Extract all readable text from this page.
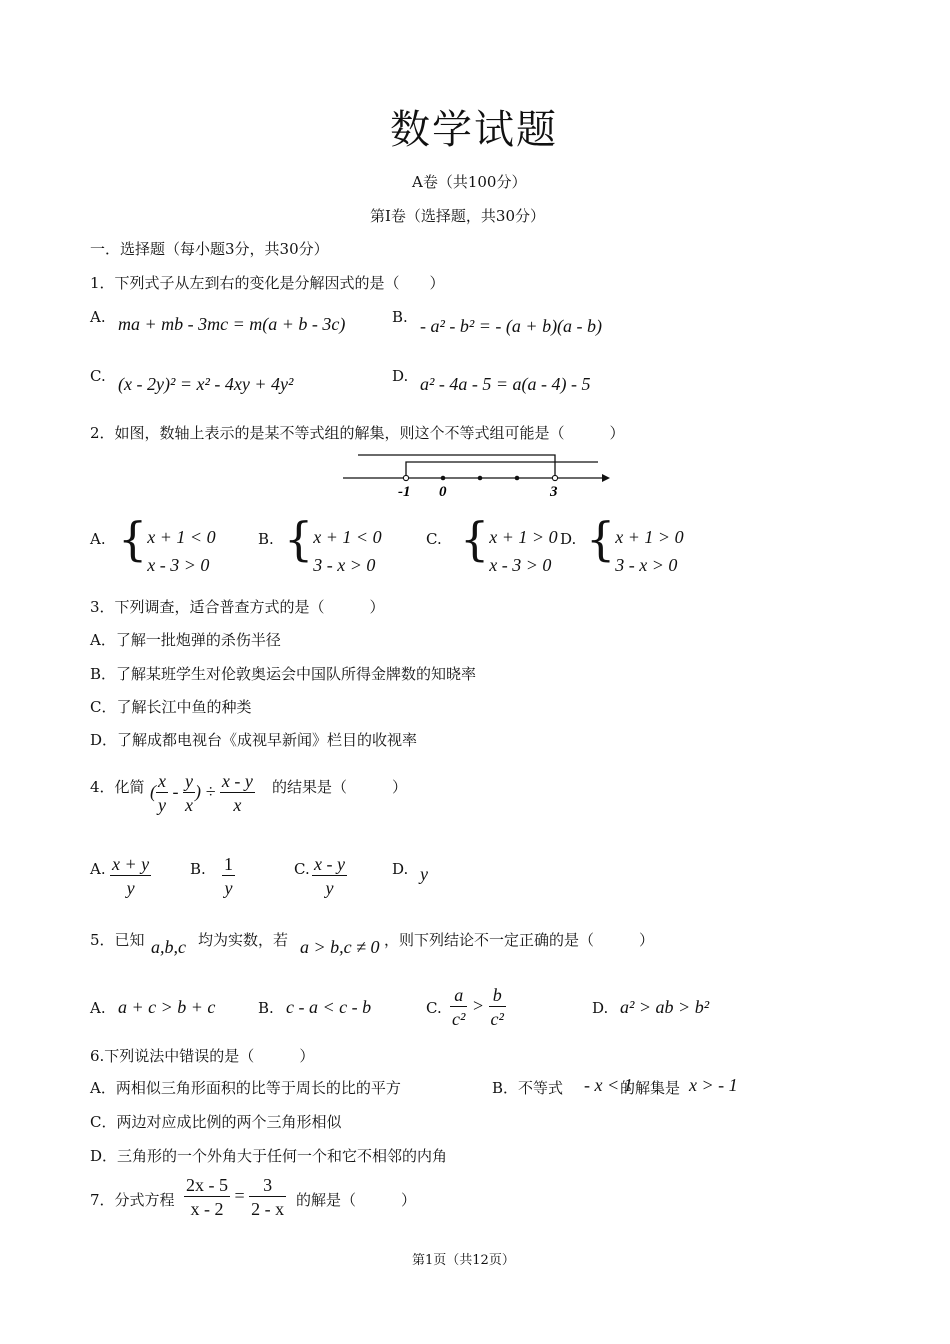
数学试题
A卷（共100分）
第Ⅰ卷（选择题，共30分）
一．选择题（每小题3分，共30分）
1．下列式子从左到右的变化是分解因式的是（　　）
A. ma + mb - 3mc = m(a + b - 3c)	B. - a² - b² = - (a + b)(a - b)
C. (x - 2y)² = x² - 4xy + 4y²	D. a² - 4a - 5 = a(a - 4) - 5
2．如图，数轴上表示的是某不等式组的解集，则这个不等式组可能是（　　　）
-1 0	3
A. { x + 1 < 0
x - 3 > 0
B. { x + 1 < 0
3 - x > 0
C. { x + 1 > 0
x - 3 > 0
D. { x + 1 > 0
3 - x > 0
3．下列调查，适合普查方式的是（　　　）
A．了解一批炮弹的杀伤半径
B．了解某班学生对伦敦奥运会中国队所得金牌数的知晓率
C．了解长江中鱼的种类
D．了解成都电视台《成视早新闻》栏目的收视率
4．化简 ( $\frac{x}{y} - \frac{y}{x}$ ) ÷ $\frac{x - y}{x}$ 的结果是（　　　）
A. $\frac{x + y}{y}$	B. $\frac{1}{y}$	C. $\frac{x - y}{y}$	D. y
5．已知 a,b,c 均为实数，若 a > b,c ≠ 0 ，则下列结论不一定正确的是（　　　）
A. a + c > b + c	B. c - a < c - b	C. $\frac{a}{\text{c²}} > \frac{b}{\text{c²}}$	D. a² > ab > b²
6.下列说法中错误的是（　　　）
A．两相似三角形面积的比等于周长的比的平方	B．不等式 - x < 1
的解集是 x > - 1
C．两边对应成比例的两个三角形相似
D．三角形的一个外角大于任何一个和它不相邻的内角
7．分式方程 $\frac{2x - 5}{x - 2} = \frac{3}{2 - x}$ 的解是（　　　）
第1页（共12页）
